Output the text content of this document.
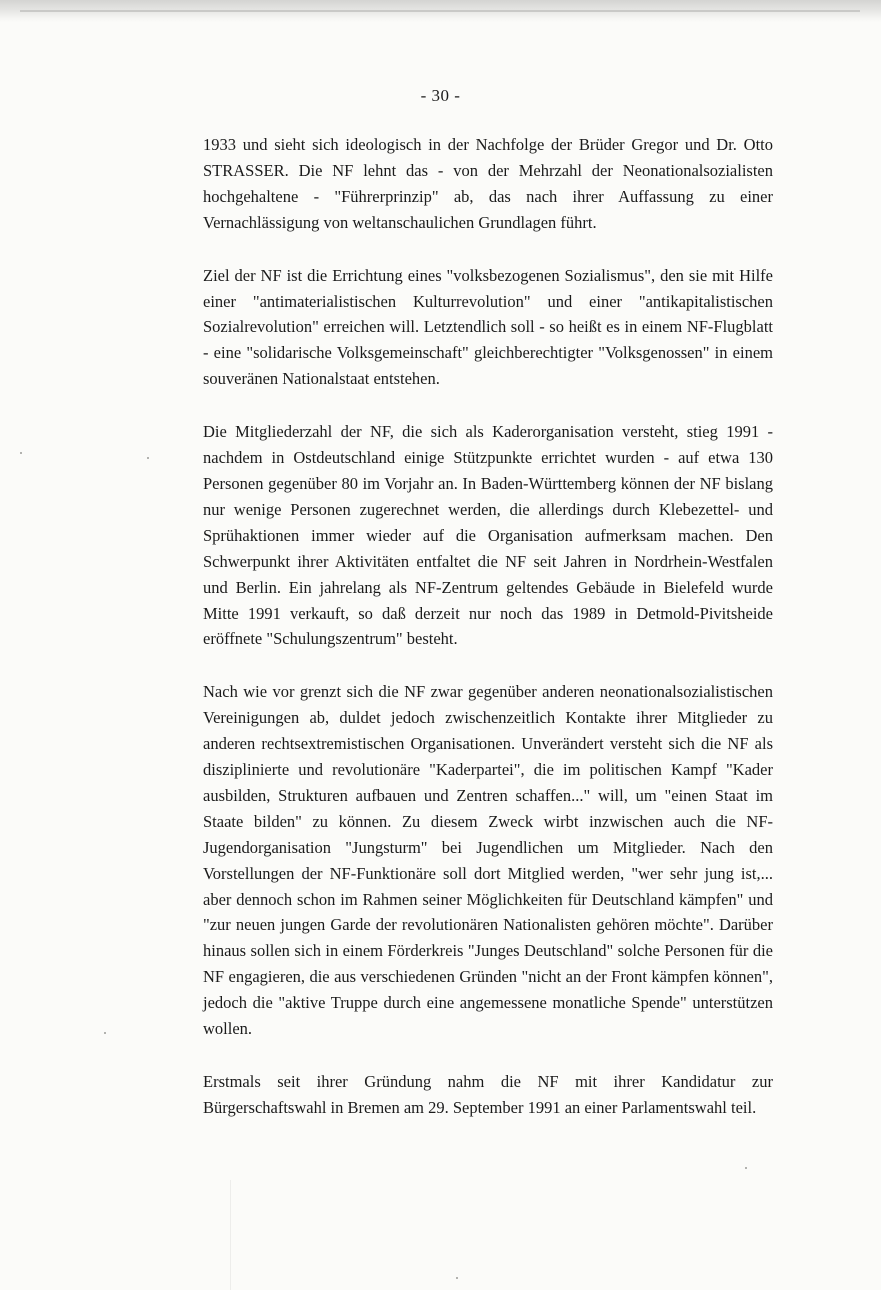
- 30 -

1933 und sieht sich ideologisch in der Nachfolge der Brüder Gregor und Dr. Otto STRASSER. Die NF lehnt das - von der Mehrzahl der Neonationalsozialisten hochgehaltene - "Führerprinzip" ab, das nach ihrer Auffassung zu einer Vernachlässigung von weltanschaulichen Grundlagen führt.

Ziel der NF ist die Errichtung eines "volksbezogenen Sozialismus", den sie mit Hilfe einer "antimaterialistischen Kulturrevolution" und einer "antikapitalistischen Sozialrevolution" erreichen will. Letztendlich soll - so heißt es in einem NF-Flugblatt - eine "solidarische Volksgemeinschaft" gleichberechtigter "Volksgenossen" in einem souveränen Nationalstaat entstehen.

Die Mitgliederzahl der NF, die sich als Kaderorganisation versteht, stieg 1991 - nachdem in Ostdeutschland einige Stützpunkte errichtet wurden - auf etwa 130 Personen gegenüber 80 im Vorjahr an. In Baden-Württemberg können der NF bislang nur wenige Personen zugerechnet werden, die allerdings durch Klebezettel- und Sprühaktionen immer wieder auf die Organisation aufmerksam machen. Den Schwerpunkt ihrer Aktivitäten entfaltet die NF seit Jahren in Nordrhein-Westfalen und Berlin. Ein jahrelang als NF-Zentrum geltendes Gebäude in Bielefeld wurde Mitte 1991 verkauft, so daß derzeit nur noch das 1989 in Detmold-Pivitsheide eröffnete "Schulungszentrum" besteht.

Nach wie vor grenzt sich die NF zwar gegenüber anderen neonationalsozialistischen Vereinigungen ab, duldet jedoch zwischenzeitlich Kontakte ihrer Mitglieder zu anderen rechtsextremistischen Organisationen. Unverändert versteht sich die NF als disziplinierte und revolutionäre "Kaderpartei", die im politischen Kampf "Kader ausbilden, Strukturen aufbauen und Zentren schaffen..." will, um "einen Staat im Staate bilden" zu können. Zu diesem Zweck wirbt inzwischen auch die NF-Jugendorganisation "Jungsturm" bei Jugendlichen um Mitglieder. Nach den Vorstellungen der NF-Funktionäre soll dort Mitglied werden, "wer sehr jung ist,... aber dennoch schon im Rahmen seiner Möglichkeiten für Deutschland kämpfen" und "zur neuen jungen Garde der revolutionären Nationalisten gehören möchte". Darüber hinaus sollen sich in einem Förderkreis "Junges Deutschland" solche Personen für die NF engagieren, die aus verschiedenen Gründen "nicht an der Front kämpfen können", jedoch die "aktive Truppe durch eine angemessene monatliche Spende" unterstützen wollen.

Erstmals seit ihrer Gründung nahm die NF mit ihrer Kandidatur zur Bürgerschaftswahl in Bremen am 29. September 1991 an einer Parlamentswahl teil.
